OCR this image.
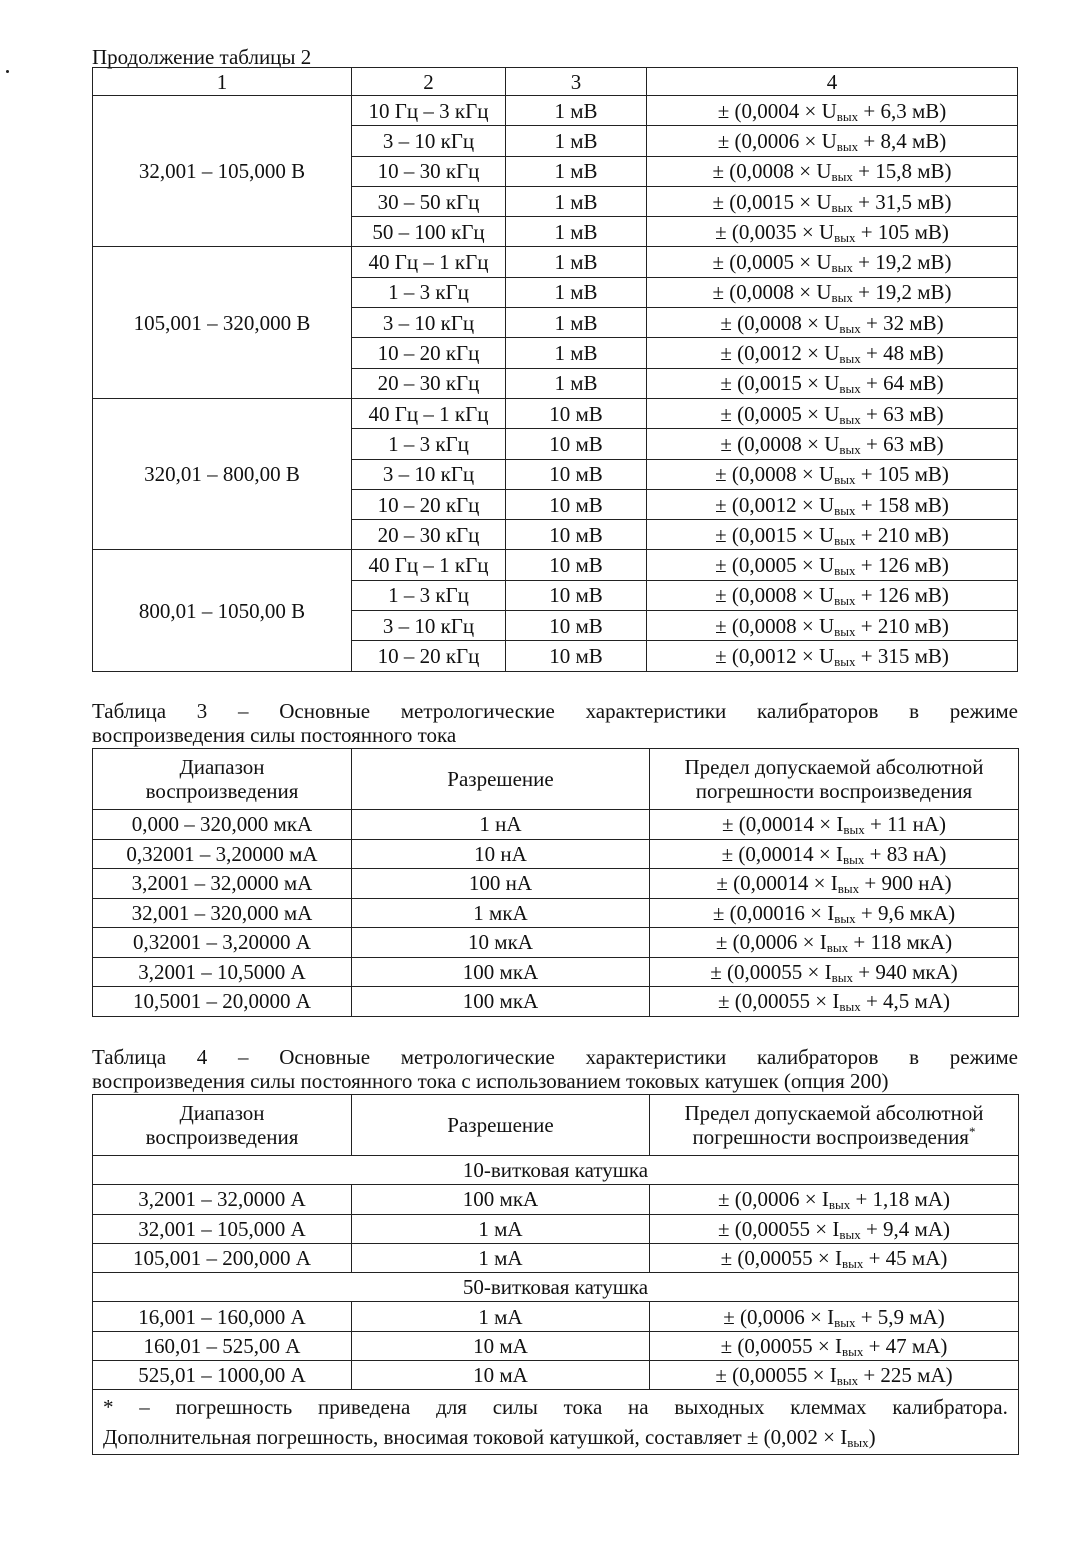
Продолжение таблицы 2
1	2	3	4
32,001 – 105,000 В	10 Гц – 3 кГц	1 мВ	± ($0,0004 \times U_{вых} + 6,3$ мВ)
	3 – 10 кГц	1 мВ	± ($0,0006 \times U_{вых} + 8,4$ мВ)
	10 – 30 кГц	1 мВ	± ($0,0008 \times U_{вых} + 15,8$ мВ)
	30 – 50 кГц	1 мВ	± ($0,0015 \times U_{вых} + 31,5$ мВ)
	50 – 100 кГц	1 мВ	± ($0,0035 \times U_{вых} + 105$ мВ)
105,001 – 320,000 В	40 Гц – 1 кГц	1 мВ	± ($0,0005 \times U_{вых} + 19,2$ мВ)
	1 – 3 кГц	1 мВ	± ($0,0008 \times U_{вых} + 19,2$ мВ)
	3 – 10 кГц	1 мВ	± ($0,0008 \times U_{вых} + 32$ мВ)
	10 – 20 кГц	1 мВ	± ($0,0012 \times U_{вых} + 48$ мВ)
	20 – 30 кГц	1 мВ	± ($0,0015 \times U_{вых} + 64$ мВ)
320,01 – 800,00 В	40 Гц – 1 кГц	10 мВ	± ($0,0005 \times U_{вых} + 63$ мВ)
	1 – 3 кГц	10 мВ	± ($0,0008 \times U_{вых} + 63$ мВ)
	3 – 10 кГц	10 мВ	± ($0,0008 \times U_{вых} + 105$ мВ)
	10 – 20 кГц	10 мВ	± ($0,0012 \times U_{вых} + 158$ мВ)
	20 – 30 кГц	10 мВ	± ($0,0015 \times U_{вых} + 210$ мВ)
800,01 – 1050,00 В	40 Гц – 1 кГц	10 мВ	± ($0,0005 \times U_{вых} + 126$ мВ)
	1 – 3 кГц	10 мВ	± ($0,0008 \times U_{вых} + 126$ мВ)
	3 – 10 кГц	10 мВ	± ($0,0008 \times U_{вых} + 210$ мВ)
	10 – 20 кГц	10 мВ	± ($0,0012 \times U_{вых} + 315$ мВ)
Таблица 3 – Основные метрологические характеристики калибраторов в режиме
воспроизведения силы постоянного тока
Диапазон
воспроизведения	Разрешение	Предел допускаемой абсолютной
погрешности воспроизведения
0,000 – 320,000 мкА	1 нА	± ($0,00014 \times I_{вых} + 11$ нА)
0,32001 – 3,20000 мА	10 нА	± ($0,00014 \times I_{вых} + 83$ нА)
3,2001 – 32,0000 мА	100 нА	± ($0,00014 \times I_{вых} + 900$ нА)
32,001 – 320,000 мА	1 мкА	± ($0,00016 \times I_{вых} + 9,6$ мкА)
0,32001 – 3,20000 А	10 мкА	± ($0,0006 \times I_{вых} + 118$ мкА)
3,2001 – 10,5000 А	100 мкА	± ($0,00055 \times I_{вых} + 940$ мкА)
10,5001 – 20,0000 А	100 мкА	± ($0,00055 \times I_{вых} + 4,5$ мА)
Таблица 4 – Основные метрологические характеристики калибраторов в режиме
воспроизведения силы постоянного тока с использованием токовых катушек (опция 200)
Диапазон
воспроизведения	Разрешение	Предел допускаемой абсолютной
погрешности воспроизведения*
10-витковая катушка		
3,2001 – 32,0000 А	100 мкА	± ($0,0006 \times I_{вых} + 1,18$ мА)
32,001 – 105,000 А	1 мА	± ($0,00055 \times I_{вых} + 9,4$ мА)
105,001 – 200,000 А	1 мА	± ($0,00055 \times I_{вых} + 45$ мА)
50-витковая катушка		
16,001 – 160,000 А	1 мА	± ($0,0006 \times I_{вых} + 5,9$ мА)
160,01 – 525,00 А	10 мА	± ($0,00055 \times I_{вых} + 47$ мА)
525,01 – 1000,00 А	10 мА	± ($0,00055 \times I_{вых} + 225$ мА)

* – погрешность приведена для силы тока на выходных клеммах калибратора.
Дополнительная погрешность, вносимая токовой катушкой, составляет ± $(0,002 \times I_{вых})$
